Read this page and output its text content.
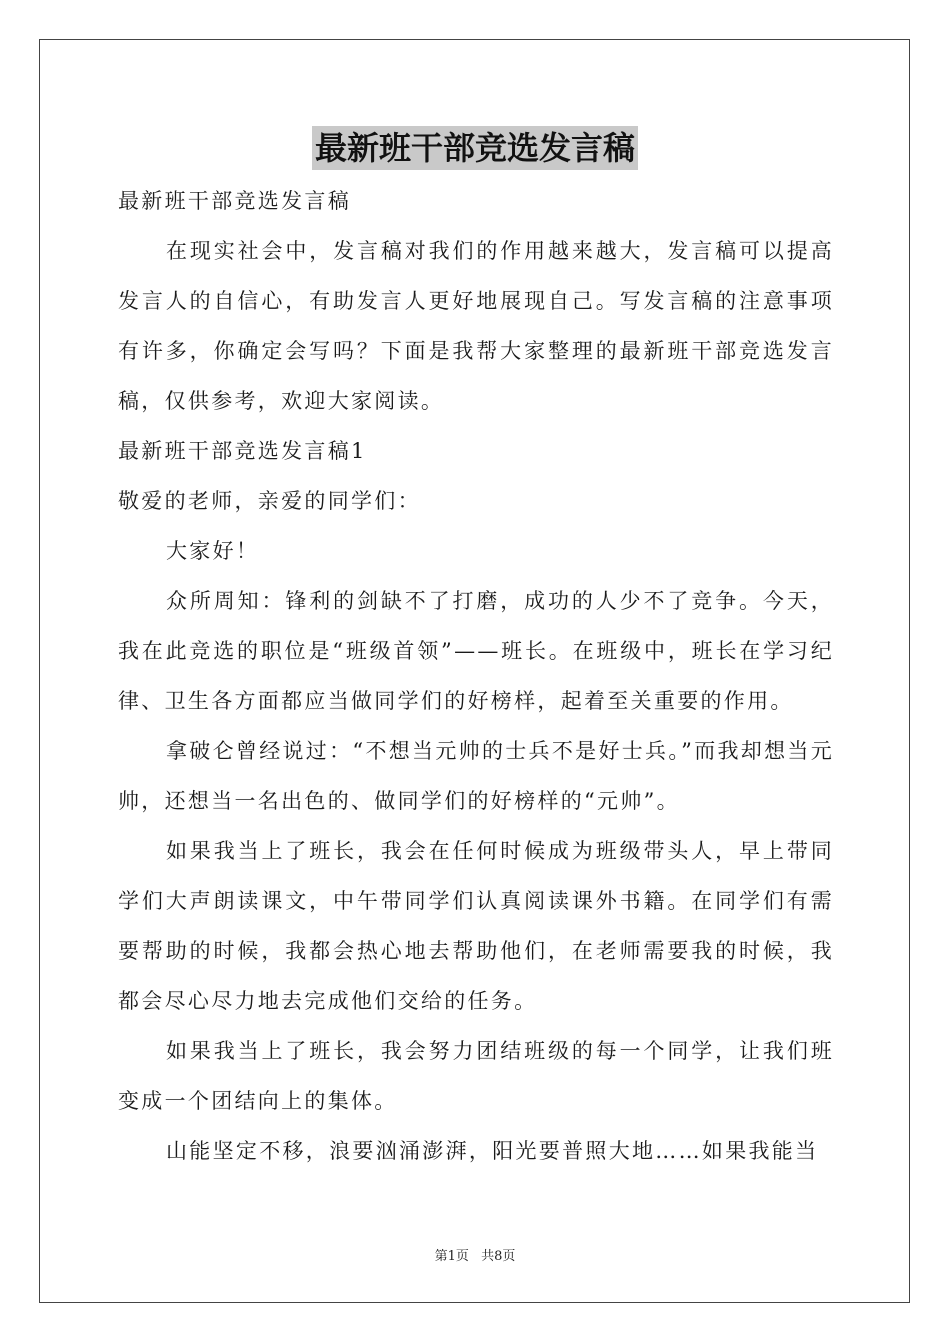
最新班干部竞选发言稿

最新班干部竞选发言稿

在现实社会中，发言稿对我们的作用越来越大，发言稿可以提高发言人的自信心，有助发言人更好地展现自己。写发言稿的注意事项有许多，你确定会写吗？下面是我帮大家整理的最新班干部竞选发言稿，仅供参考，欢迎大家阅读。

最新班干部竞选发言稿1

敬爱的老师，亲爱的同学们：

大家好！

众所周知：锋利的剑缺不了打磨，成功的人少不了竞争。今天，我在此竞选的职位是“班级首领”——班长。在班级中，班长在学习纪律、卫生各方面都应当做同学们的好榜样，起着至关重要的作用。

拿破仑曾经说过：“不想当元帅的士兵不是好士兵。”而我却想当元帅，还想当一名出色的、做同学们的好榜样的“元帅”。

如果我当上了班长，我会在任何时候成为班级带头人，早上带同学们大声朗读课文，中午带同学们认真阅读课外书籍。在同学们有需要帮助的时候，我都会热心地去帮助他们，在老师需要我的时候，我都会尽心尽力地去完成他们交给的任务。

如果我当上了班长，我会努力团结班级的每一个同学，让我们班变成一个团结向上的集体。

山能坚定不移，浪要汹涌澎湃，阳光要普照大地……如果我能当

第1页 共8页
